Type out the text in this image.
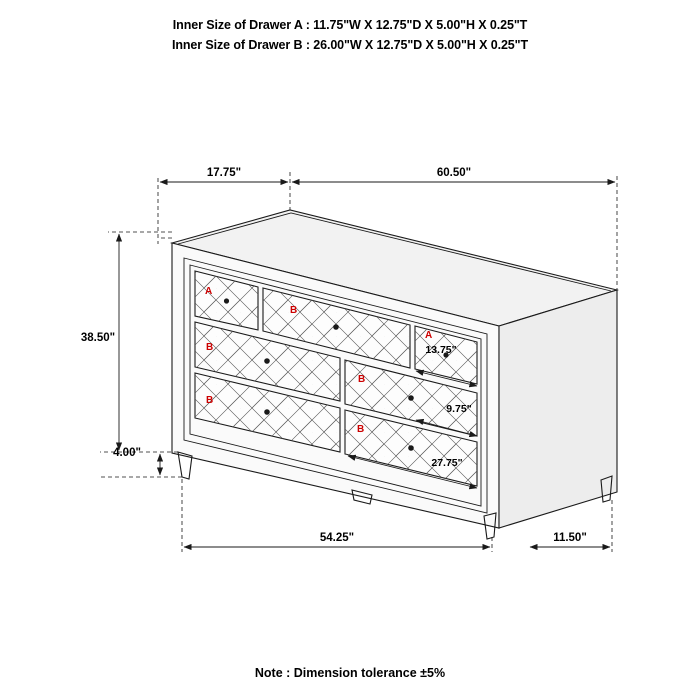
Inner Size of Drawer A : 11.75"W X 12.75"D X 5.00"H X 0.25"T
Inner Size of Drawer B : 26.00"W X 12.75"D X 5.00"H X 0.25"T
A
B
A
B
B
B
B
17.75"	60.50"
38.50"
4.00"
54.25"	11.50"
13.75"
9.75"
27.75"
Note : Dimension tolerance ±5%
